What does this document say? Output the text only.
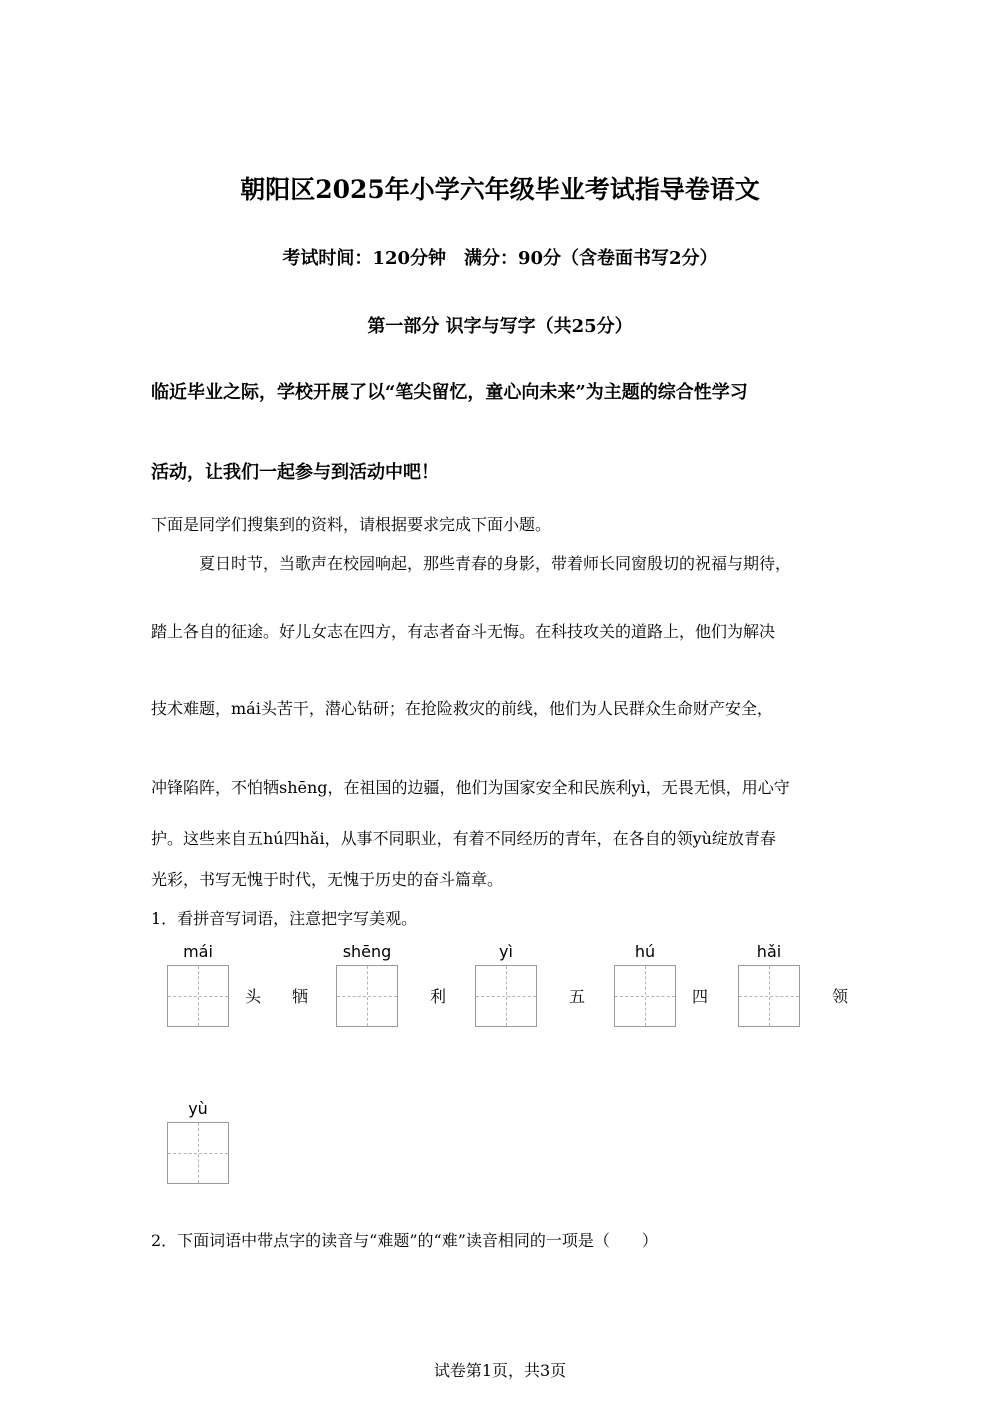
朝阳区2025年小学六年级毕业考试指导卷语文
考试时间：120分钟　满分：90分（含卷面书写2分）
第一部分 识字与写字（共25分）
临近毕业之际，学校开展了以“笔尖留忆，童心向未来”为主题的综合性学习
活动，让我们一起参与到活动中吧！
下面是同学们搜集到的资料，请根据要求完成下面小题。
夏日时节，当歌声在校园响起，那些青春的身影，带着师长同窗殷切的祝福与期待，
踏上各自的征途。好儿女志在四方，有志者奋斗无悔。在科技攻关的道路上，他们为解决
技术难题，mái头苦干，潜心钻研；在抢险救灾的前线，他们为人民群众生命财产安全，
冲锋陷阵，不怕牺shēng，在祖国的边疆，他们为国家安全和民族利yì，无畏无惧，用心守
护。这些来自五hú四hǎi，从事不同职业，有着不同经历的青年，在各自的领yù绽放青春
光彩，书写无愧于时代，无愧于历史的奋斗篇章。
1．看拼音写词语，注意把字写美观。
mái
头 牺
shēng
利
yì
五
hú
四
hǎi
领
yù
2．下面词语中带点字的读音与“难题”的“难”读音相同的一项是（　　）
试卷第1页，共3页
